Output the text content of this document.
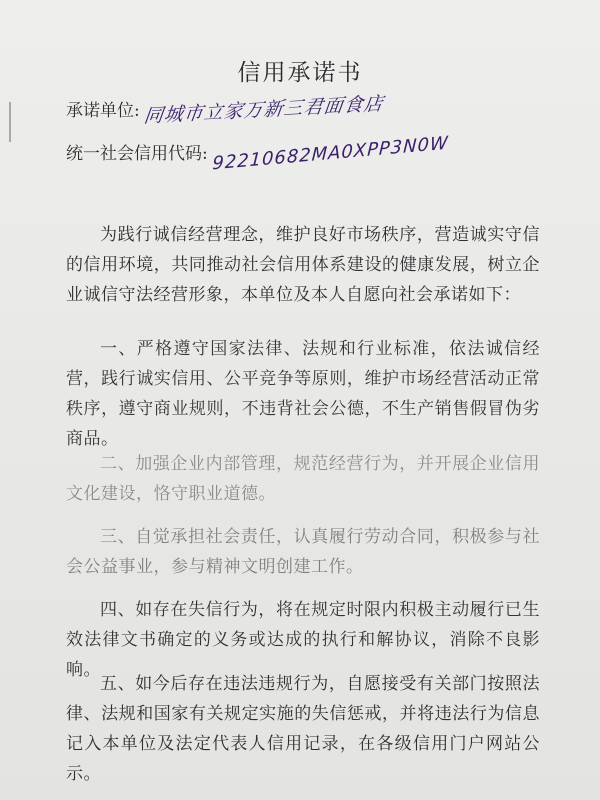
信用承诺书
承诺单位: 同城市立家万新三君面食店
统一社会信用代码: 92210682MA0XPP3N0W

为践行诚信经营理念，维护良好市场秩序，营造诚实守信的信用环境，共同推动社会信用体系建设的健康发展，树立企业诚信守法经营形象，本单位及本人自愿向社会承诺如下：

一、严格遵守国家法律、法规和行业标准，依法诚信经营，践行诚实信用、公平竞争等原则，维护市场经营活动正常秩序，遵守商业规则，不违背社会公德，不生产销售假冒伪劣商品。

二、加强企业内部管理，规范经营行为，并开展企业信用文化建设，恪守职业道德。

三、自觉承担社会责任，认真履行劳动合同，积极参与社会公益事业，参与精神文明创建工作。

四、如存在失信行为，将在规定时限内积极主动履行已生效法律文书确定的义务或达成的执行和解协议，消除不良影响。

五、如今后存在违法违规行为，自愿接受有关部门按照法律、法规和国家有关规定实施的失信惩戒，并将违法行为信息记入本单位及法定代表人信用记录，在各级信用门户网站公示。
